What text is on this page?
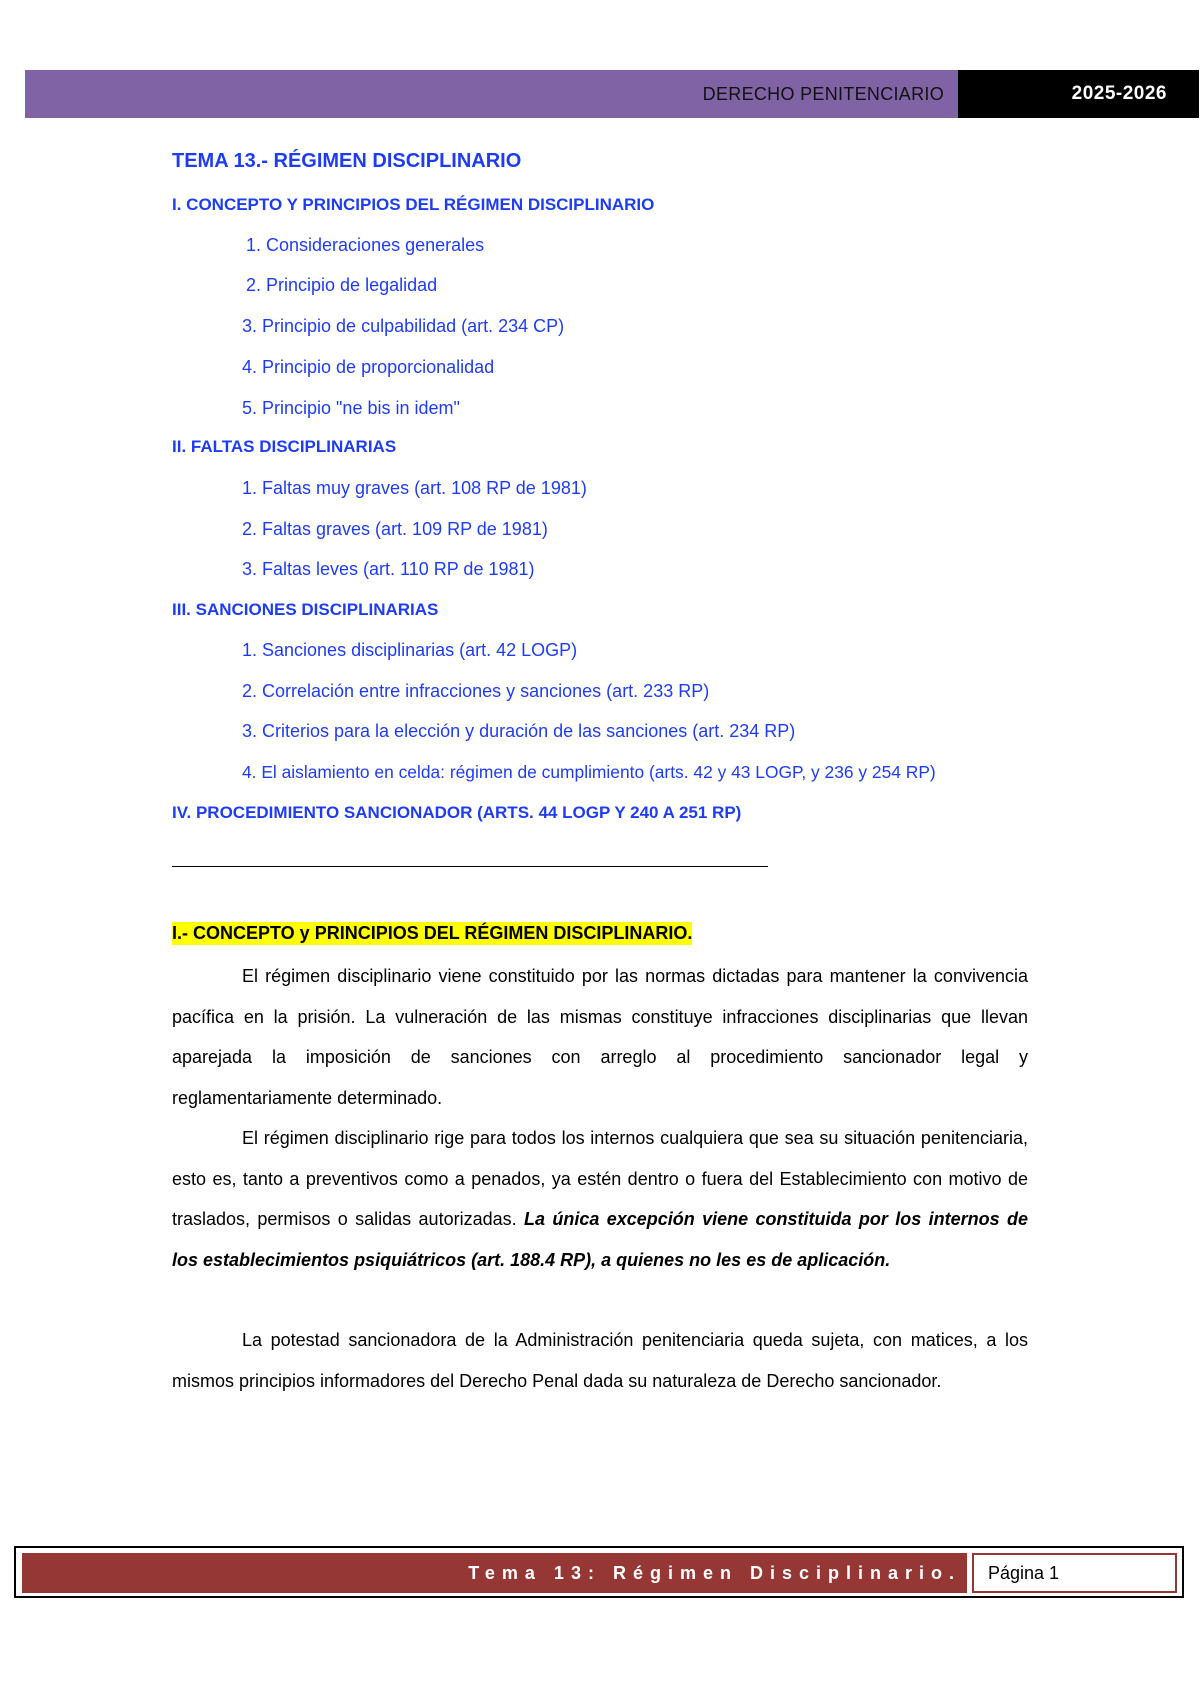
DERECHO PENITENCIARIO	2025-2026
TEMA 13.- RÉGIMEN DISCIPLINARIO
I. CONCEPTO Y PRINCIPIOS DEL RÉGIMEN DISCIPLINARIO
1. Consideraciones generales
2. Principio de legalidad
3. Principio de culpabilidad (art. 234 CP)
4. Principio de proporcionalidad
5. Principio "ne bis in idem"
II. FALTAS DISCIPLINARIAS
1. Faltas muy graves (art. 108 RP de 1981)
2. Faltas graves (art. 109 RP de 1981)
3. Faltas leves (art. 110 RP de 1981)
III. SANCIONES DISCIPLINARIAS
1. Sanciones disciplinarias (art. 42 LOGP)
2. Correlación entre infracciones y sanciones (art. 233 RP)
3. Criterios para la elección y duración de las sanciones (art. 234 RP)
4. El aislamiento en celda: régimen de cumplimiento (arts. 42 y 43 LOGP, y 236 y 254 RP)
IV. PROCEDIMIENTO SANCIONADOR (ARTS. 44 LOGP Y 240 A 251 RP)
I.- CONCEPTO y PRINCIPIOS DEL RÉGIMEN DISCIPLINARIO.

El régimen disciplinario viene constituido por las normas dictadas para mantener la convivencia pacífica en la prisión. La vulneración de las mismas constituye infracciones disciplinarias que llevan aparejada la imposición de sanciones con arreglo al procedimiento sancionador legal y reglamentariamente determinado.

El régimen disciplinario rige para todos los internos cualquiera que sea su situación penitenciaria, esto es, tanto a preventivos como a penados, ya estén dentro o fuera del Establecimiento con motivo de traslados, permisos o salidas autorizadas. La única excepción viene constituida por los internos de los establecimientos psiquiátricos (art. 188.4 RP), a quienes no les es de aplicación.

La potestad sancionadora de la Administración penitenciaria queda sujeta, con matices, a los mismos principios informadores del Derecho Penal dada su naturaleza de Derecho sancionador.

Tema 13: Régimen Disciplinario. Página 1
